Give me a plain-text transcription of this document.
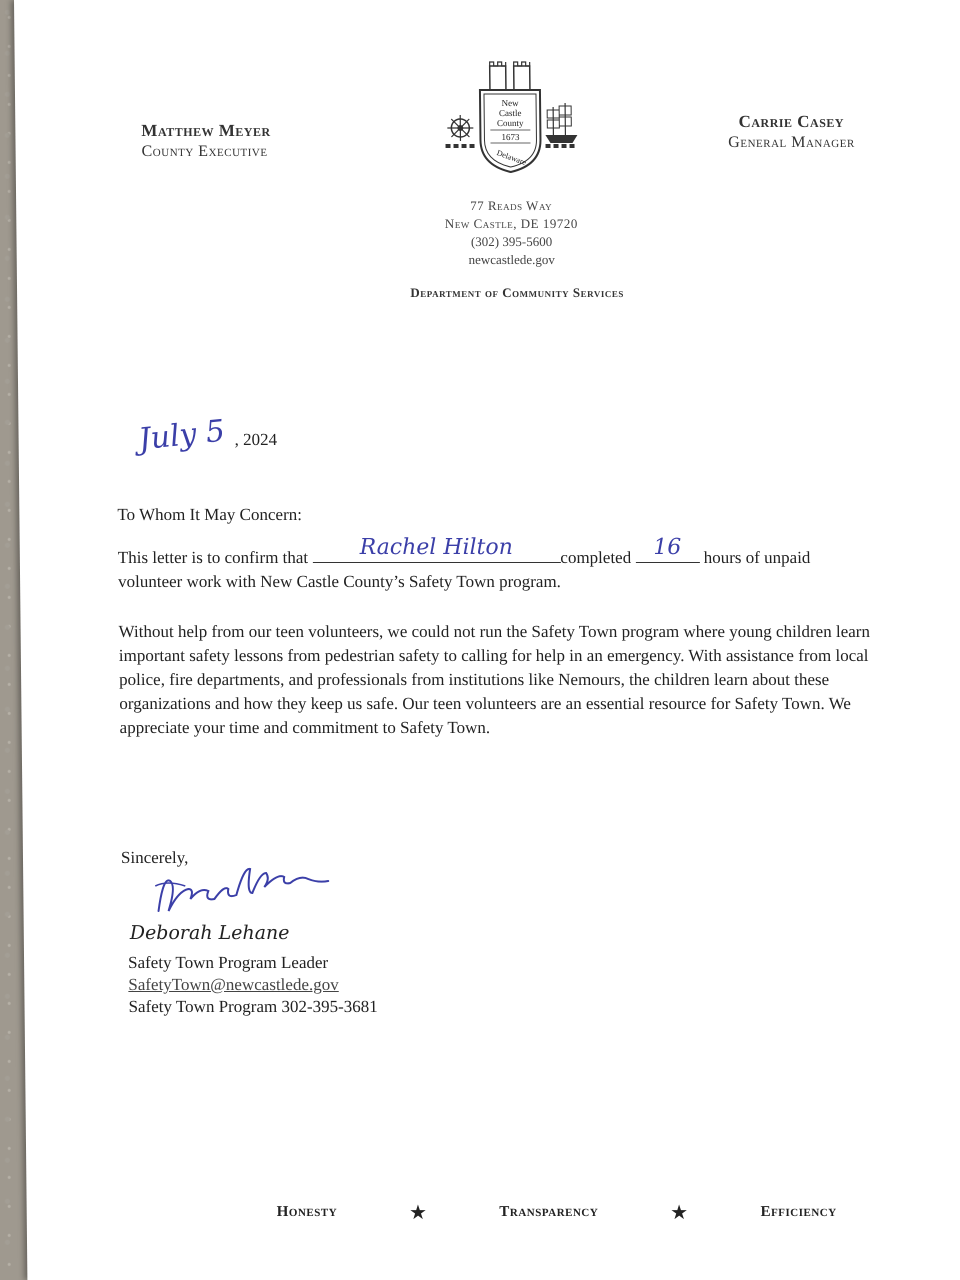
Matthew Meyer
County Executive
New
Castle
County
1673
Delaware
Carrie Casey
General Manager
77 Reads Way
New Castle, DE 19720
(302) 395-5600
newcastlede.gov
Department of Community Services
July 5 , 2024
To Whom It May Concern:
This letter is to confirm that	Rachel Hilton	completed 16	hours of unpaid volunteer work with New Castle County’s Safety Town program.
Without help from our teen volunteers, we could not run the Safety Town program where young children learn important safety lessons from pedestrian safety to calling for help in an emergency. With assistance from local police, fire departments, and professionals from institutions like Nemours, the children learn about these organizations and how they keep us safe. Our teen volunteers are an essential resource for Safety Town. We appreciate your time and commitment to Safety Town.
Sincerely,
Deborah Lehane
Safety Town Program Leader
SafetyTown@newcastlede.gov
Safety Town Program 302-395-3681
Honesty	★	Transparency	★	Efficiency
